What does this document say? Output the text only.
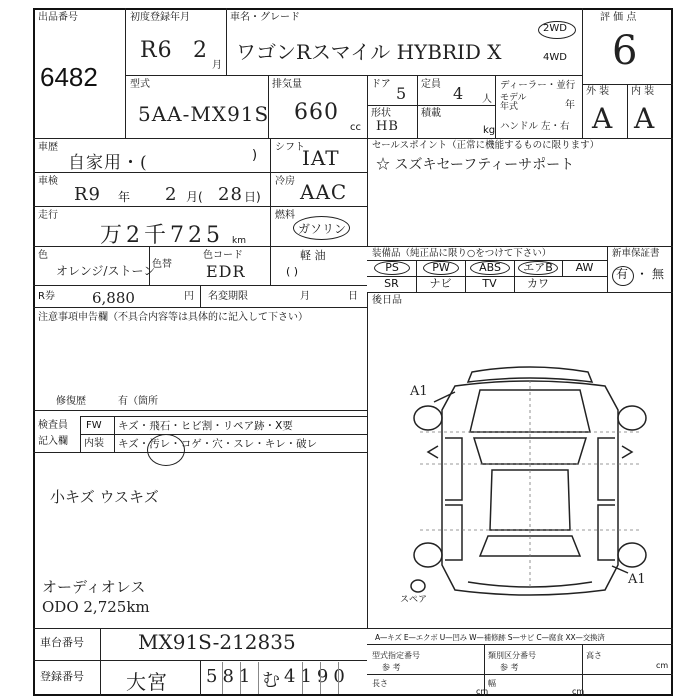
出品番号
6482
初度登録年月
R6 2
月
車名・グレード
ワゴンRスマイル HYBRID X
2WD
4WD
評 価 点
6
型式
5AA-MX91S
排気量
660
cc
ドア 5 定員 4 人
形状
HB
積載
kg
ディーラー・並行
モデル 年式	年
ハンドル 左・右
外 装
A
内 装
A
車歴
自家用・(	)
シフト
IAT
車検
R9 年 2 月( 28 日)
冷房 AAC
走行
万2千725 km
燃料
ガソリン
軽 油
( )
色
オレンジ/ストーン
色替
色コード
EDR
R券 6,880	円 名変期限	月	日
セールスポイント（正常に機能するものに限ります）
☆ スズキセーフティーサポート
装備品（純正品に限り○をつけて下さい）	新車保証書
PS	PW	ABS	エアB	AW
SR	ナビ	TV	カワ
有 ・ 無
後日品
注意事項申告欄（不具合内容等は具体的に記入して下さい）
修復歴	有（箇所
検査員
記入欄
FW キズ・飛石・ヒビ割・リペア跡・X要
内装 キズ・汚レ・コゲ・穴・スレ・キレ・破レ
小キズ ウスキズ
オーディオレス
ODO 2,725km
A1
A1
スペア
車台番号	MX91S-212835
登録番号 大宮 581 む 4190
A—キズ E—エクボ U—凹み W—補修跡 S—サビ C—腐食 XX—交換済
型式指定番号
参 考
類別区分番号
参 考
高さ
cm
長さ
cm
幅
cm
